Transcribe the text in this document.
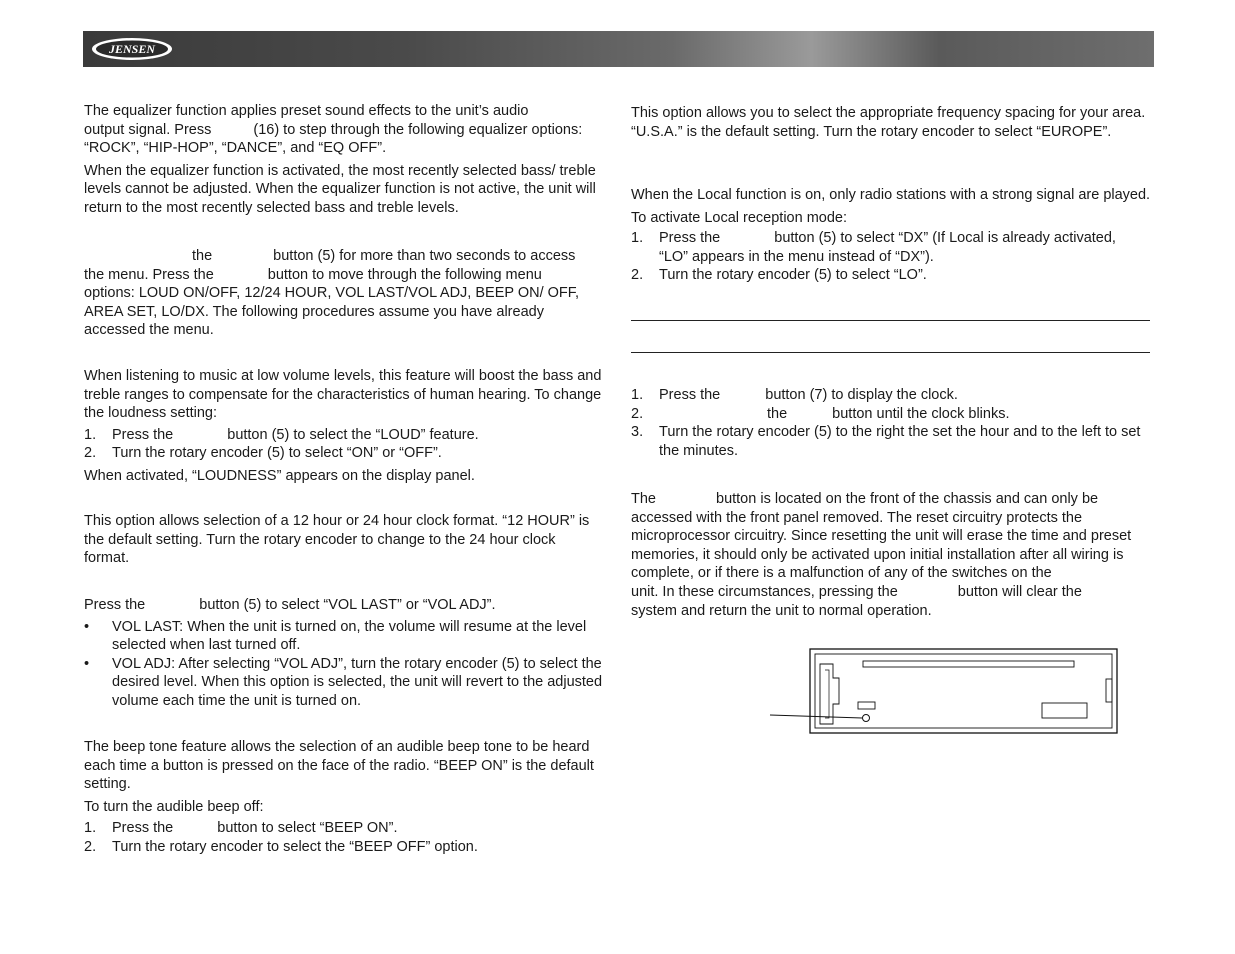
JENSEN

The equalizer function applies preset sound effects to the unit’s audio

output signal. Press	(16) to step through the following equalizer options:

“ROCK”, “HIP-HOP”, “DANCE”, and “EQ OFF”.

When the equalizer function is activated, the most recently selected bass/ treble levels cannot be adjusted. When the equalizer function is not active, the unit will return to the most recently selected bass and treble levels.

the	button (5) for more than two seconds to access

the menu. Press the	button to move through the following menu

options: LOUD ON/OFF, 12/24 HOUR, VOL LAST/VOL ADJ, BEEP ON/ OFF, AREA SET, LO/DX. The following procedures assume you have already accessed the menu.

When listening to music at low volume levels, this feature will boost the bass and treble ranges to compensate for the characteristics of human hearing. To change the loudness setting:

1. Press the	button (5) to select the “LOUD” feature.
2. Turn the rotary encoder (5) to select “ON” or “OFF”.

When activated, “LOUDNESS” appears on the display panel.

This option allows selection of a 12 hour or 24 hour clock format. “12 HOUR” is the default setting. Turn the rotary encoder to change to the 24 hour clock format.

Press the	button (5) to select “VOL LAST” or “VOL ADJ”.

• VOL LAST: When the unit is turned on, the volume will resume at the level selected when last turned off.
• VOL ADJ: After selecting “VOL ADJ”, turn the rotary encoder (5) to select the desired level. When this option is selected, the unit will revert to the adjusted volume each time the unit is turned on.

The beep tone feature allows the selection of an audible beep tone to be heard each time a button is pressed on the face of the radio. “BEEP ON” is the default setting.

To turn the audible beep off:

1. Press the	button to select “BEEP ON”.
2. Turn the rotary encoder to select the “BEEP OFF” option.

This option allows you to select the appropriate frequency spacing for your area. “U.S.A.” is the default setting. Turn the rotary encoder to select “EUROPE”.

When the Local function is on, only radio stations with a strong signal are played.

To activate Local reception mode:

1. Press the	button (5) to select “DX” (If Local is already activated,
“LO” appears in the menu instead of “DX”).
2. Turn the rotary encoder (5) to select “LO”.
1. Press the	button (7) to display the clock.
2.	the	button until the clock blinks.
3. Turn the rotary encoder (5) to the right the set the hour and to the left to set the minutes.

The	button is located on the front of the chassis and can only be

accessed with the front panel removed. The reset circuitry protects the microprocessor circuitry. Since resetting the unit will erase the time and preset memories, it should only be activated upon initial installation after all wiring is complete, or if there is a malfunction of any of the switches on the

unit. In these circumstances, pressing the	button will clear the

system and return the unit to normal operation.
